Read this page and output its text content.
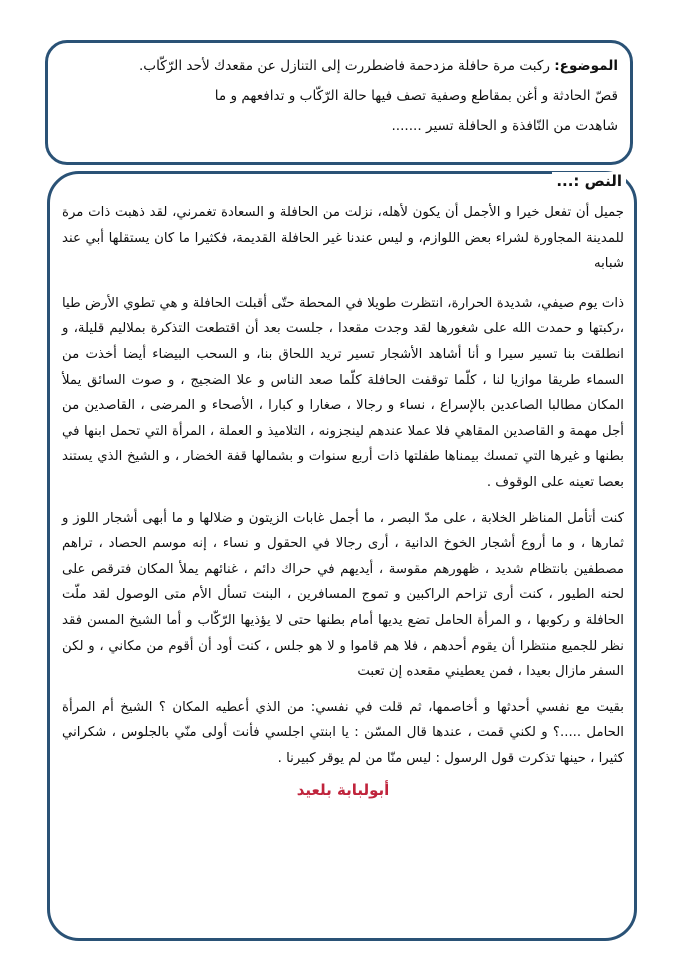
الموضوع: ركبت مرة حافلة مزدحمة فاضطررت إلى التنازل عن مقعدك لأحد الرّكّاب.
قصّ الحادثة و أغن بمقاطع وصفية تصف فيها حالة الرّكّاب و تدافعهم و ما
شاهدت من النّافذة و الحافلة تسير .......
النص :...

جميل أن تفعل خيرا و الأجمل أن يكون لأهله، نزلت من الحافلة و السعادة تغمرني، لقد ذهبت ذات مرة للمدينة المجاورة لشراء بعض اللوازم، و ليس عندنا غير الحافلة القديمة، فكثيرا ما كان يستقلها أبي عند شبابه

ذات يوم صيفي، شديدة الحرارة، انتظرت طويلا في المحطة حتّى أقبلت الحافلة و هي تطوي الأرض طيا ،ركبتها و حمدت الله على شغورها لقد وجدت مقعدا ، جلست بعد أن اقتطعت التذكرة بملاليم قليلة، و انطلقت بنا تسير سيرا و أنا أشاهد الأشجار تسير تريد اللحاق بنا، و السحب البيضاء أيضا أخذت من السماء طريقا موازيا لنا ، كلّما توقفت الحافلة كلّما صعد الناس و علا الضجيج ، و صوت السائق يملأ المكان مطالبا الصاعدين بالإسراع ، نساء و رجالا ، صغارا و كبارا ، الأصحاء و المرضى ، القاصدين من أجل مهمة و القاصدين المقاهي فلا عملا عندهم لينجزونه ، التلاميذ و العملة ، المرأة التي تحمل ابنها في بطنها و غيرها التي تمسك بيمناها طفلتها ذات أربع سنوات و بشمالها قفة الخضار ، و الشيخ الذي يستند بعصا تعينه على الوقوف .

كنت أتأمل المناظر الخلابة ، على مدّ البصر ، ما أجمل غابات الزيتون و ضلالها و ما أبهى أشجار اللوز و ثمارها ، و ما أروع أشجار الخوخ الدانية ، أرى رجالا في الحقول و نساء ، إنه موسم الحصاد ، تراهم مصطفين بانتظام شديد ، ظهورهم مقوسة ، أيديهم في حراك دائم ، غنائهم يملأ المكان فترقص على لحنه الطيور ، كنت أرى تزاحم الراكبين و تموج المسافرين ، البنت تسأل الأم متى الوصول لقد ملّت الحافلة و ركوبها ، و المرأة الحامل تضع يديها أمام بطنها حتى لا يؤذيها الرّكّاب و أما الشيخ المسن فقد نظر للجميع منتظرا أن يقوم أحدهم ، فلا هم قاموا و لا هو جلس ، كنت أود أن أقوم من مكاني ، و لكن السفر مازال بعيدا ، فمن يعطيني مقعده إن تعبت

بقيت مع نفسي أحدثها و أخاصمها، ثم قلت في نفسي: من الذي أعطيه المكان ؟ الشيخ أم المرأة الحامل .....؟ و لكني قمت ، عندها قال المسّن : يا ابنتي اجلسي فأنت أولى منّي بالجلوس ، شكراني كثيرا ، حينها تذكرت قول الرسول : ليس منّا من لم يوقر كبيرنا .

أبولبابة بلعيد
